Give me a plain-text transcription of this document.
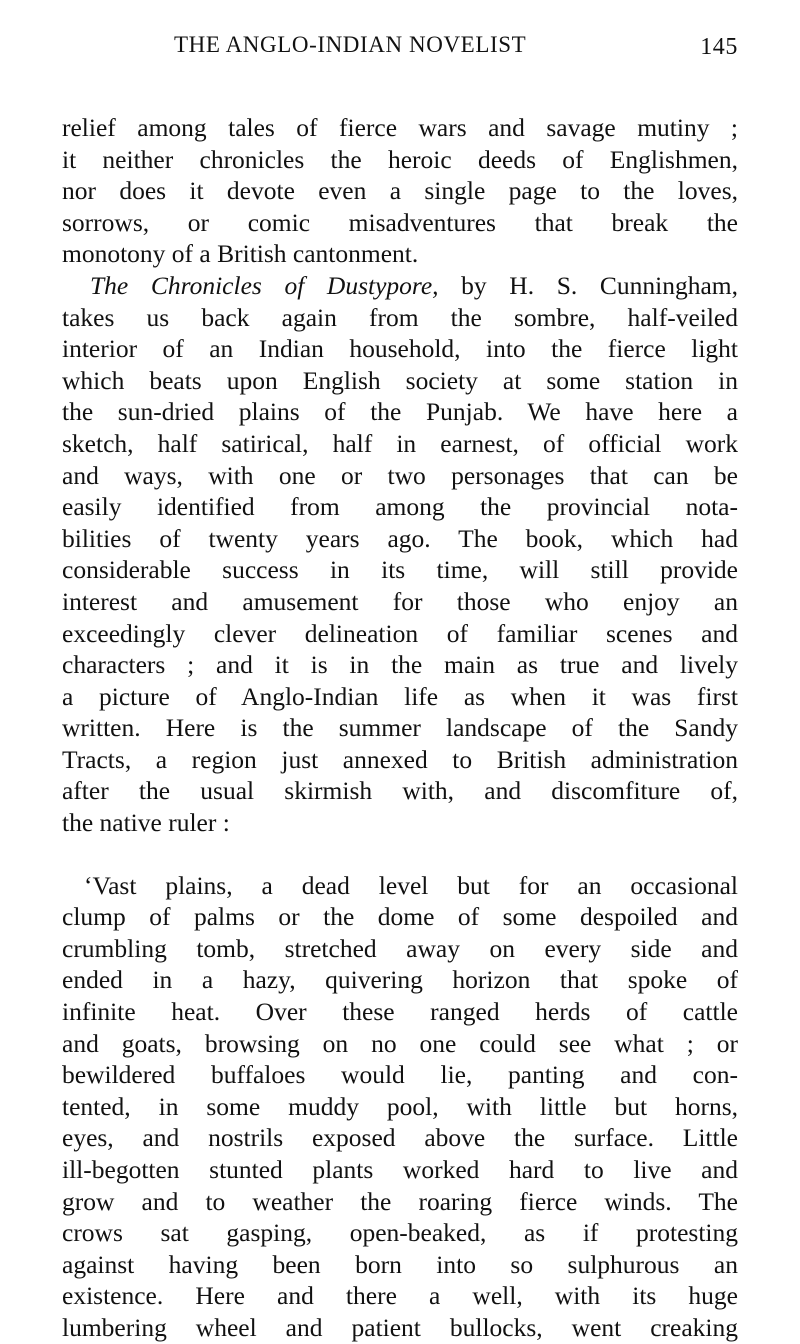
THE ANGLO-INDIAN NOVELIST	145
relief among tales of fierce wars and savage mutiny ;
it neither chronicles the heroic deeds of Englishmen,
nor does it devote even a single page to the loves,
sorrows, or comic misadventures that break the
monotony of a British cantonment.
The Chronicles of Dustypore, by H. S. Cunningham,
takes us back again from the sombre, half-veiled
interior of an Indian household, into the fierce light
which beats upon English society at some station in
the sun-dried plains of the Punjab. We have here a
sketch, half satirical, half in earnest, of official work
and ways, with one or two personages that can be
easily identified from among the provincial nota-
bilities of twenty years ago. The book, which had
considerable success in its time, will still provide
interest and amusement for those who enjoy an
exceedingly clever delineation of familiar scenes and
characters ; and it is in the main as true and lively
a picture of Anglo-Indian life as when it was first
written. Here is the summer landscape of the Sandy
Tracts, a region just annexed to British administration
after the usual skirmish with, and discomfiture of,
the native ruler :
‘Vast plains, a dead level but for an occasional
clump of palms or the dome of some despoiled and
crumbling tomb, stretched away on every side and
ended in a hazy, quivering horizon that spoke of
infinite heat. Over these ranged herds of cattle
and goats, browsing on no one could see what ; or
bewildered buffaloes would lie, panting and con-
tented, in some muddy pool, with little but horns,
eyes, and nostrils exposed above the surface. Little
ill-begotten stunted plants worked hard to live and
grow and to weather the roaring fierce winds. The
crows sat gasping, open-beaked, as if protesting
against having been born into so sulphurous an
existence. Here and there a well, with its huge
lumbering wheel and patient bullocks, went creaking
